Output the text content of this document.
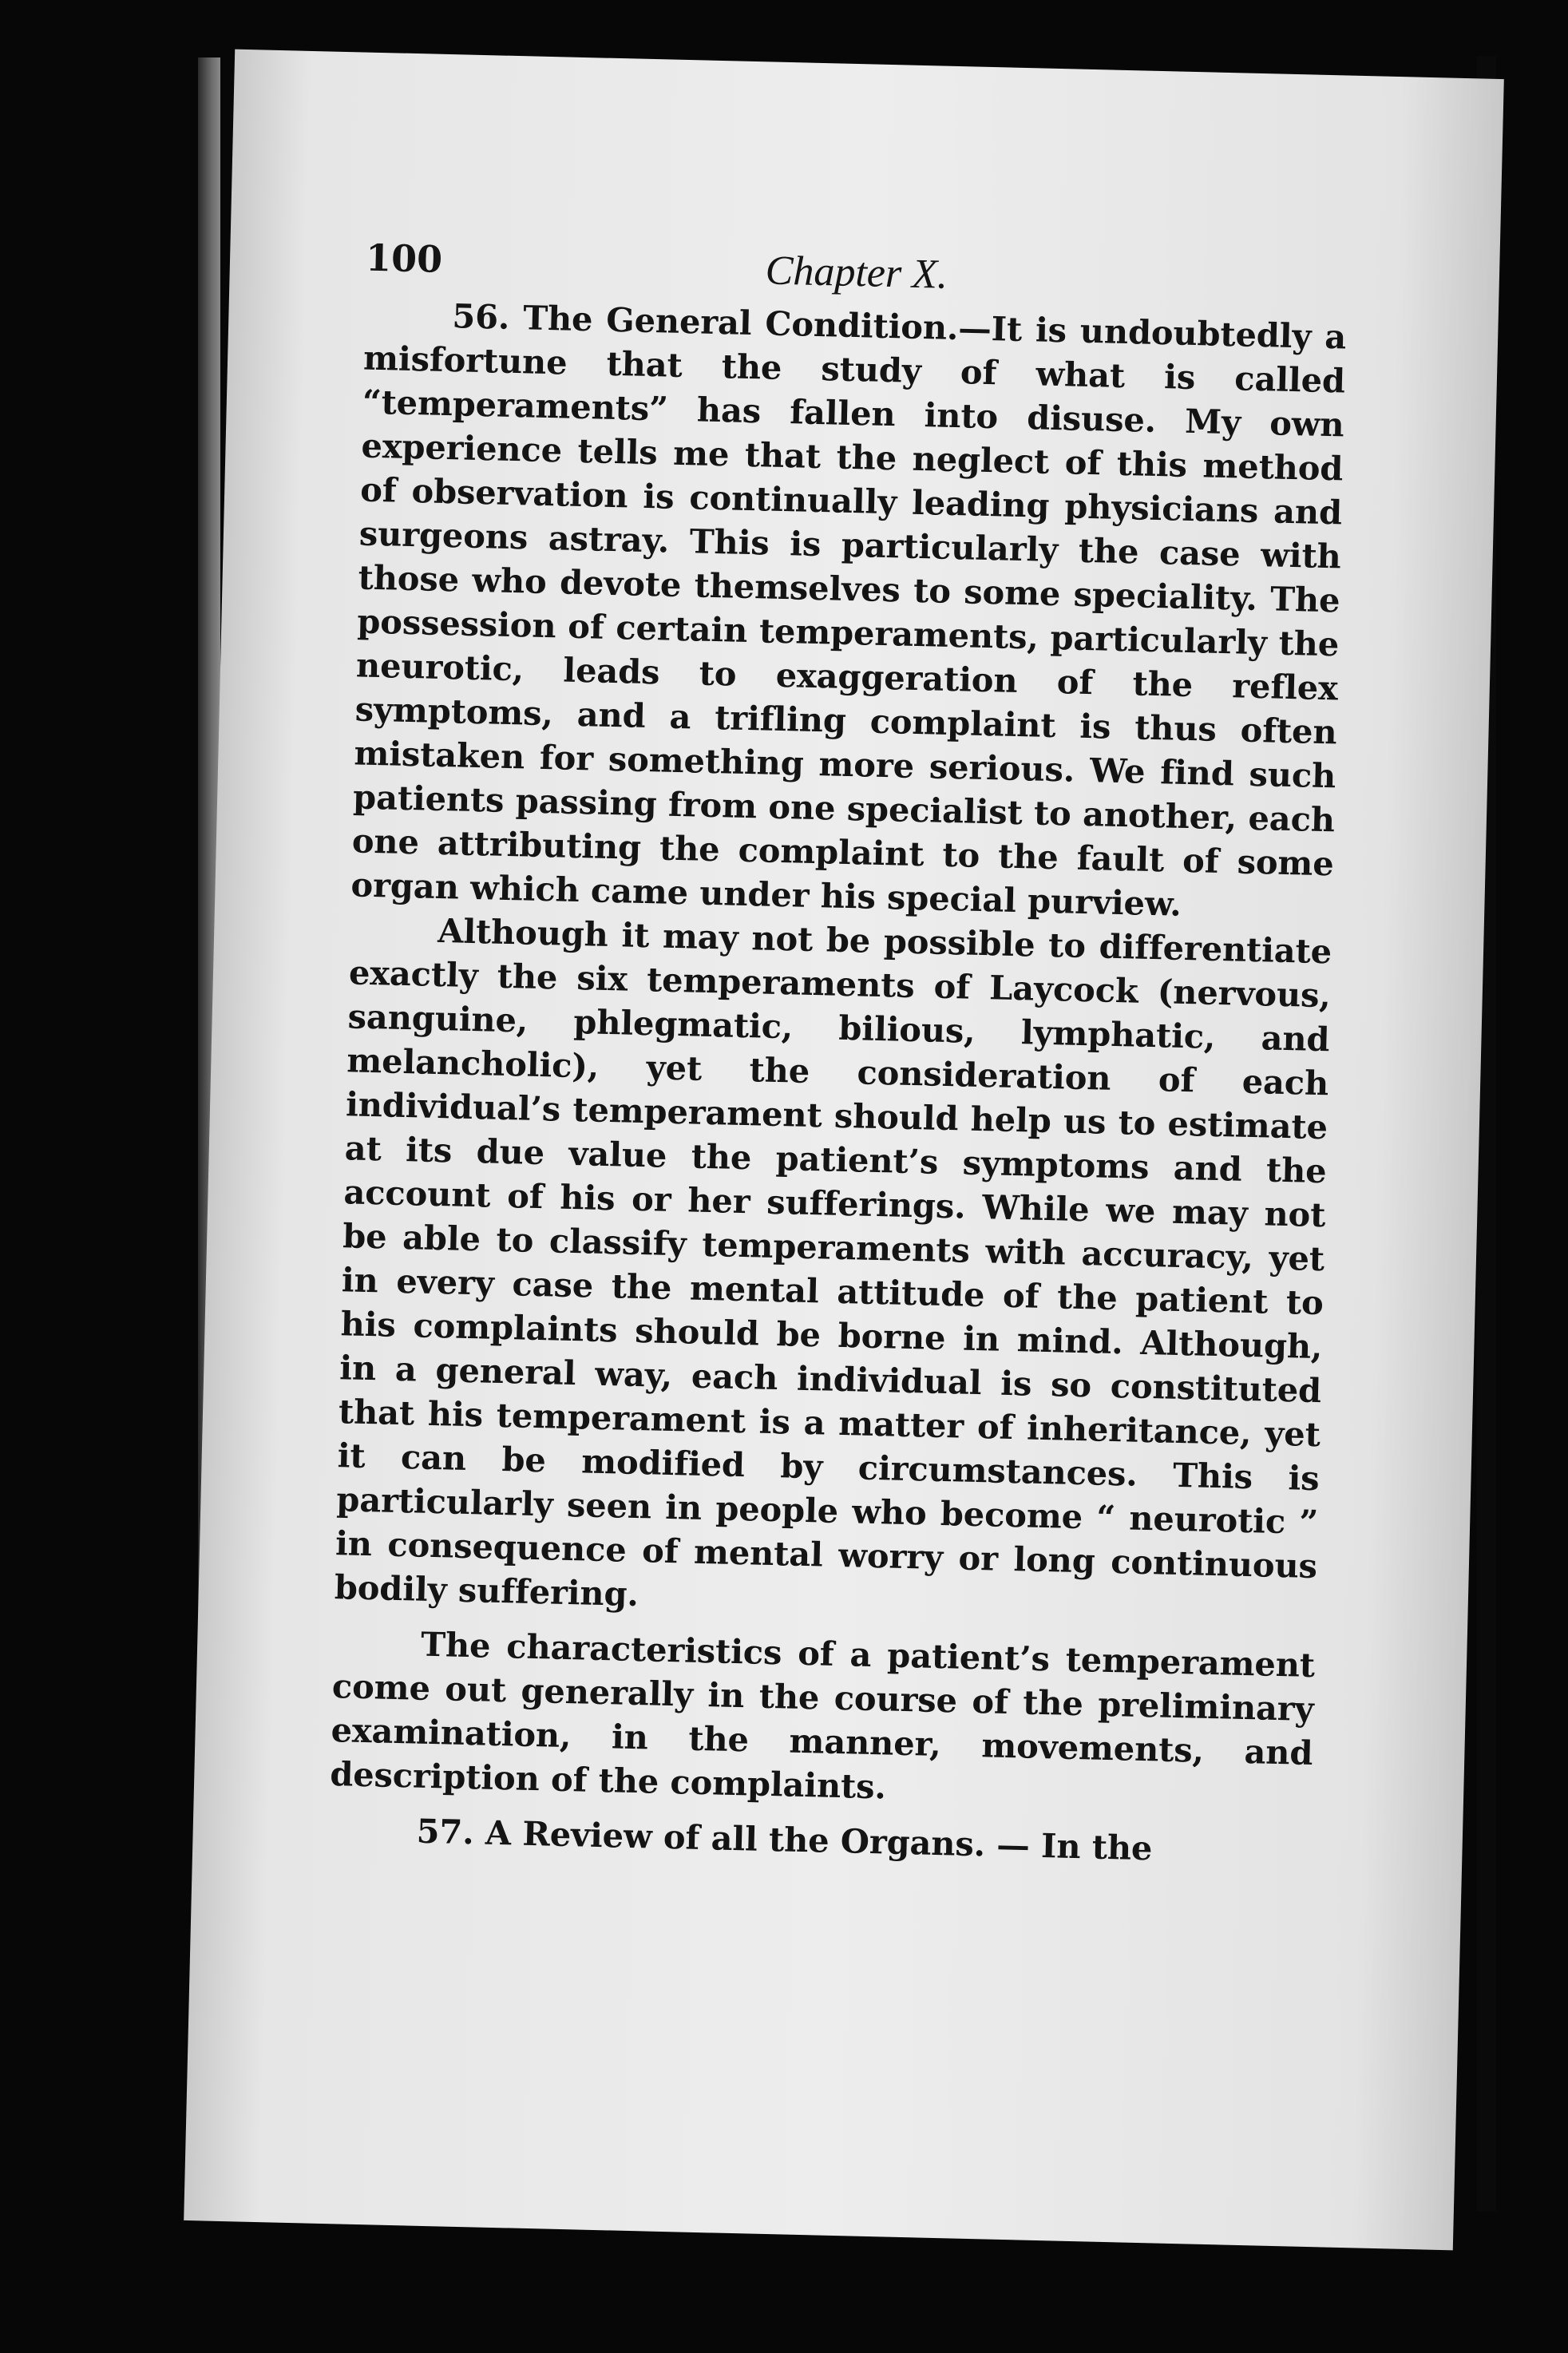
100	Chapter X.

56. The General Condition.—It is undoubtedly a misfortune that the study of what is called “temperaments” has fallen into disuse. My own experience tells me that the neglect of this method of observation is continually leading physicians and surgeons astray. This is particularly the case with those who devote themselves to some speciality. The possession of certain temperaments, particularly the neurotic, leads to exaggeration of the reflex symptoms, and a trifling complaint is thus often mistaken for something more serious. We find such patients passing from one specialist to another, each one attributing the complaint to the fault of some organ which came under his special purview.

Although it may not be possible to differentiate exactly the six temperaments of Laycock (nervous, sanguine, phlegmatic, bilious, lymphatic, and melancholic), yet the consideration of each individual’s temperament should help us to estimate at its due value the patient’s symptoms and the account of his or her sufferings. While we may not be able to classify temperaments with accuracy, yet in every case the mental attitude of the patient to his complaints should be borne in mind. Although, in a general way, each individual is so constituted that his temperament is a matter of inheritance, yet it can be modified by circumstances. This is particularly seen in people who become “ neurotic ” in consequence of mental worry or long continuous bodily suffering.

The characteristics of a patient’s temperament come out generally in the course of the preliminary examination, in the manner, movements, and description of the complaints.

57. A Review of all the Organs. — In the
